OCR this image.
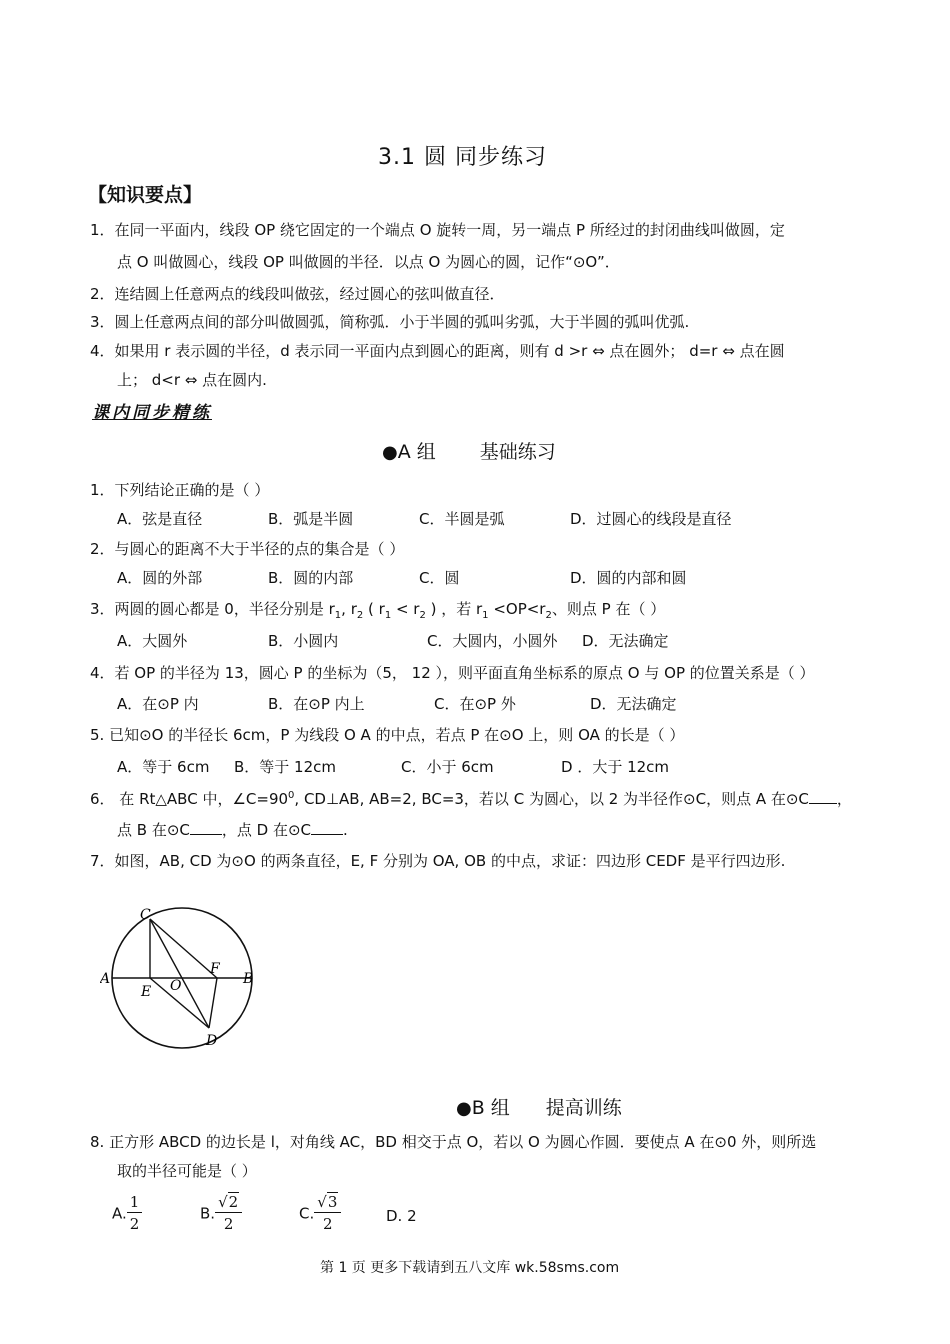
3.1 圆 同步练习
【知识要点】
1．在同一平面内，线段 OP 绕它固定的一个端点 O 旋转一周，另一端点 P 所经过的封闭曲线叫做圆，定
点 O 叫做圆心，线段 OP 叫做圆的半径．以点 O 为圆心的圆，记作“⊙O”．
2．连结圆上任意两点的线段叫做弦，经过圆心的弦叫做直径．
3．圆上任意两点间的部分叫做圆弧，简称弧．小于半圆的弧叫劣弧，大于半圆的弧叫优弧.
4．如果用 r 表示圆的半径，d 表示同一平面内点到圆心的距离，则有 d >r ⇔ 点在圆外； d=r ⇔ 点在圆
上； d<r ⇔ 点在圆内.
课内同步精练
●A 组 基础练习
1．下列结论正确的是（ ）
A．弦是直径	B．弧是半圆	C．半圆是弧	D．过圆心的线段是直径
2．与圆心的距离不大于半径的点的集合是（ ）
A．圆的外部	B．圆的内部	C．圆	D．圆的内部和圆
3．两圆的圆心都是 0，半径分别是 $r_1$, $r_2$ ( $r_1 < r_2$ ) ，若 $r_1 <OP<r_2$、则点 P 在（ ）
A．大圆外	B．小圆内	C．大圆内，小圆外 D．无法确定
4．若 OP 的半径为 13，圆心 P 的坐标为（5， 12 ），则平面直角坐标系的原点 O 与 OP 的位置关系是（ ）
A．在⊙P 内	B．在⊙P 内上	C．在⊙P 外	D．无法确定
5. 已知⊙O 的半径长 6cm，P 为线段 O A 的中点，若点 P 在⊙O 上，则 OA 的长是（ ）
A．等于 6cm B．等于 12cm	C．小于 6cm	D ．大于 12cm
6． 在 Rt△ABC 中，$\angle C=90^0$, CD⊥AB, AB=2, BC=3，若以 C 为圆心，以 2 为半径作⊙C，则点 A 在⊙C ，
点 B 在⊙C ，点 D 在⊙C .
7．如图，AB, CD 为⊙O 的两条直径，E, F 分别为 OA, OB 的中点，求证：四边形 CEDF 是平行四边形.
C
A
E O
F
B
D
●B 组 提高训练
8. 正方形 ABCD 的边长是 l，对角线 AC，BD 相交于点 O，若以 O 为圆心作圆．要使点 A 在⊙0 外，则所选
取的半径可能是（ ）
A. $\frac{1}{2}$	B. $\frac{√2}{2}$	C. $\frac{√3}{2}$	D. 2
第 1 页 更多下载请到五八文库 wk.58sms.com
